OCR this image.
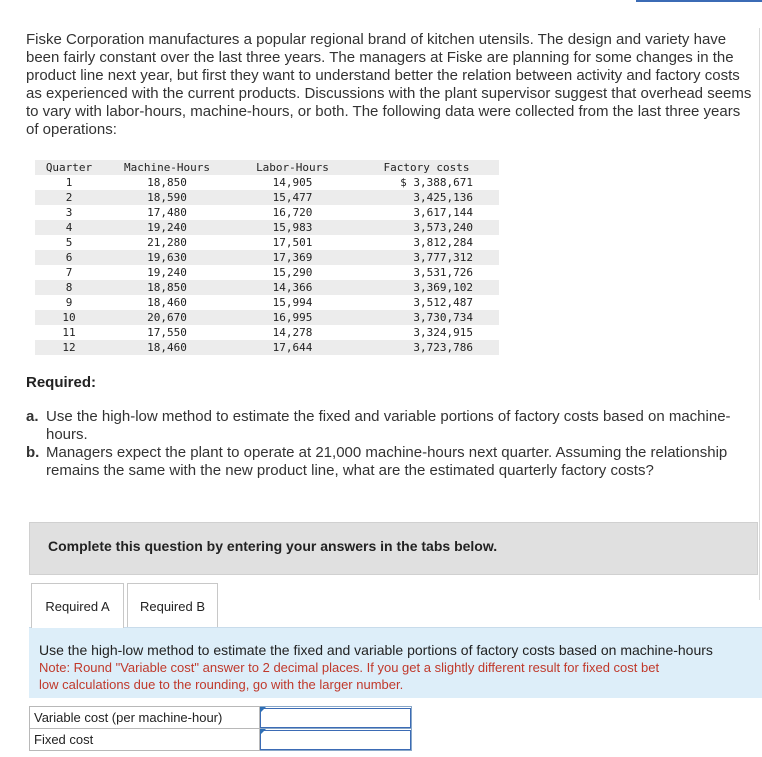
Fiske Corporation manufactures a popular regional brand of kitchen utensils. The design and variety have been fairly constant over the last three years. The managers at Fiske are planning for some changes in the product line next year, but first they want to understand better the relation between activity and factory costs as experienced with the current products. Discussions with the plant supervisor suggest that overhead seems to vary with labor-hours, machine-hours, or both. The following data were collected from the last three years of operations:

Quarter	Machine-Hours	Labor-Hours	Factory costs
1	18,850	14,905	$ 3,388,671
2	18,590	15,477	3,425,136
3	17,480	16,720	3,617,144
4	19,240	15,983	3,573,240
5	21,280	17,501	3,812,284
6	19,630	17,369	3,777,312
7	19,240	15,290	3,531,726
8	18,850	14,366	3,369,102
9	18,460	15,994	3,512,487
10	20,670	16,995	3,730,734
11	17,550	14,278	3,324,915
12	18,460	17,644	3,723,786

Required:

a. Use the high-low method to estimate the fixed and variable portions of factory costs based on machine-hours.
b. Managers expect the plant to operate at 21,000 machine-hours next quarter. Assuming the relationship remains the same with the new product line, what are the estimated quarterly factory costs?
Complete this question by entering your answers in the tabs below.
Required A Required B
Use the high-low method to estimate the fixed and variable portions of factory costs based on machine-hours
Note: Round "Variable cost" answer to 2 decimal places. If you get a slightly different result for fixed cost bet
low calculations due to the rounding, go with the larger number.
Variable cost (per machine-hour)	

Fixed cost	
